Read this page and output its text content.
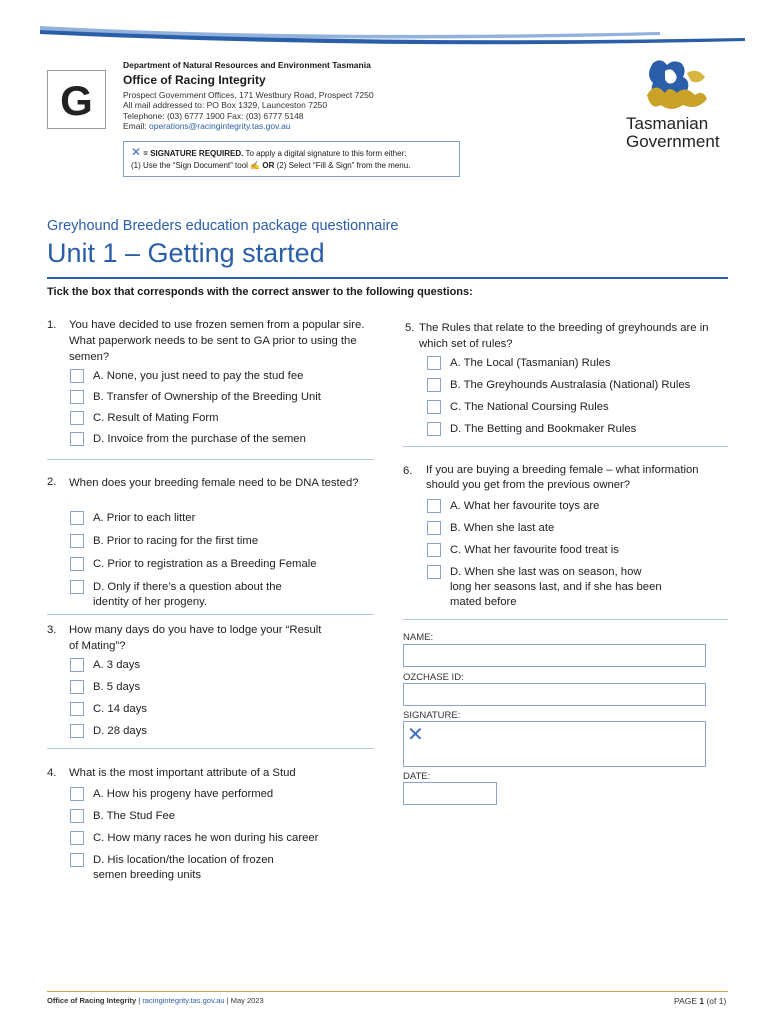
G
Department of Natural Resources and Environment Tasmania
Office of Racing Integrity
Prospect Government Offices, 171 Westbury Road, Prospect 7250
All mail addressed to: PO Box 1329, Launceston 7250
Telephone: (03) 6777 1900 Fax: (03) 6777 5148
Email: operations@racingintegrity.tas.gov.au
✕ = SIGNATURE REQUIRED. To apply a digital signature to this form either:
(1) Use the “Sign Document” tool ✍ OR (2) Select “Fill & Sign” from the menu.
Tasmanian
Government
Greyhound Breeders education package questionnaire
Unit 1 – Getting started
Tick the box that corresponds with the correct answer to the following questions:
1. You have decided to use frozen semen from a popular sire. What paperwork needs to be sent to GA prior to using the semen?
A. None, you just need to pay the stud fee
B. Transfer of Ownership of the Breeding Unit
C. Result of Mating Form
D. Invoice from the purchase of the semen
2. When does your breeding female need to be DNA tested?
A. Prior to each litter
B. Prior to racing for the first time
C. Prior to registration as a Breeding Female
D. Only if there’s a question about the identity of her progeny.
3. How many days do you have to lodge your “Result of Mating”?
A. 3 days
B. 5 days
C. 14 days
D. 28 days
4. What is the most important attribute of a Stud
A. How his progeny have performed
B. The Stud Fee
C. How many races he won during his career
D. His location/the location of frozen semen breeding units
5. The Rules that relate to the breeding of greyhounds are in which set of rules?
A. The Local (Tasmanian) Rules
B. The Greyhounds Australasia (National) Rules
C. The National Coursing Rules
D. The Betting and Bookmaker Rules
6. If you are buying a breeding female – what information should you get from the previous owner?
A. What her favourite toys are
B. When she last ate
C. What her favourite food treat is
D. When she last was on season, how long her seasons last, and if she has been mated before
NAME:
OZCHASE ID:
SIGNATURE:
✕
DATE:
Office of Racing Integrity | racingintegrity.tas.gov.au | May 2023	PAGE 1 (of 1)
